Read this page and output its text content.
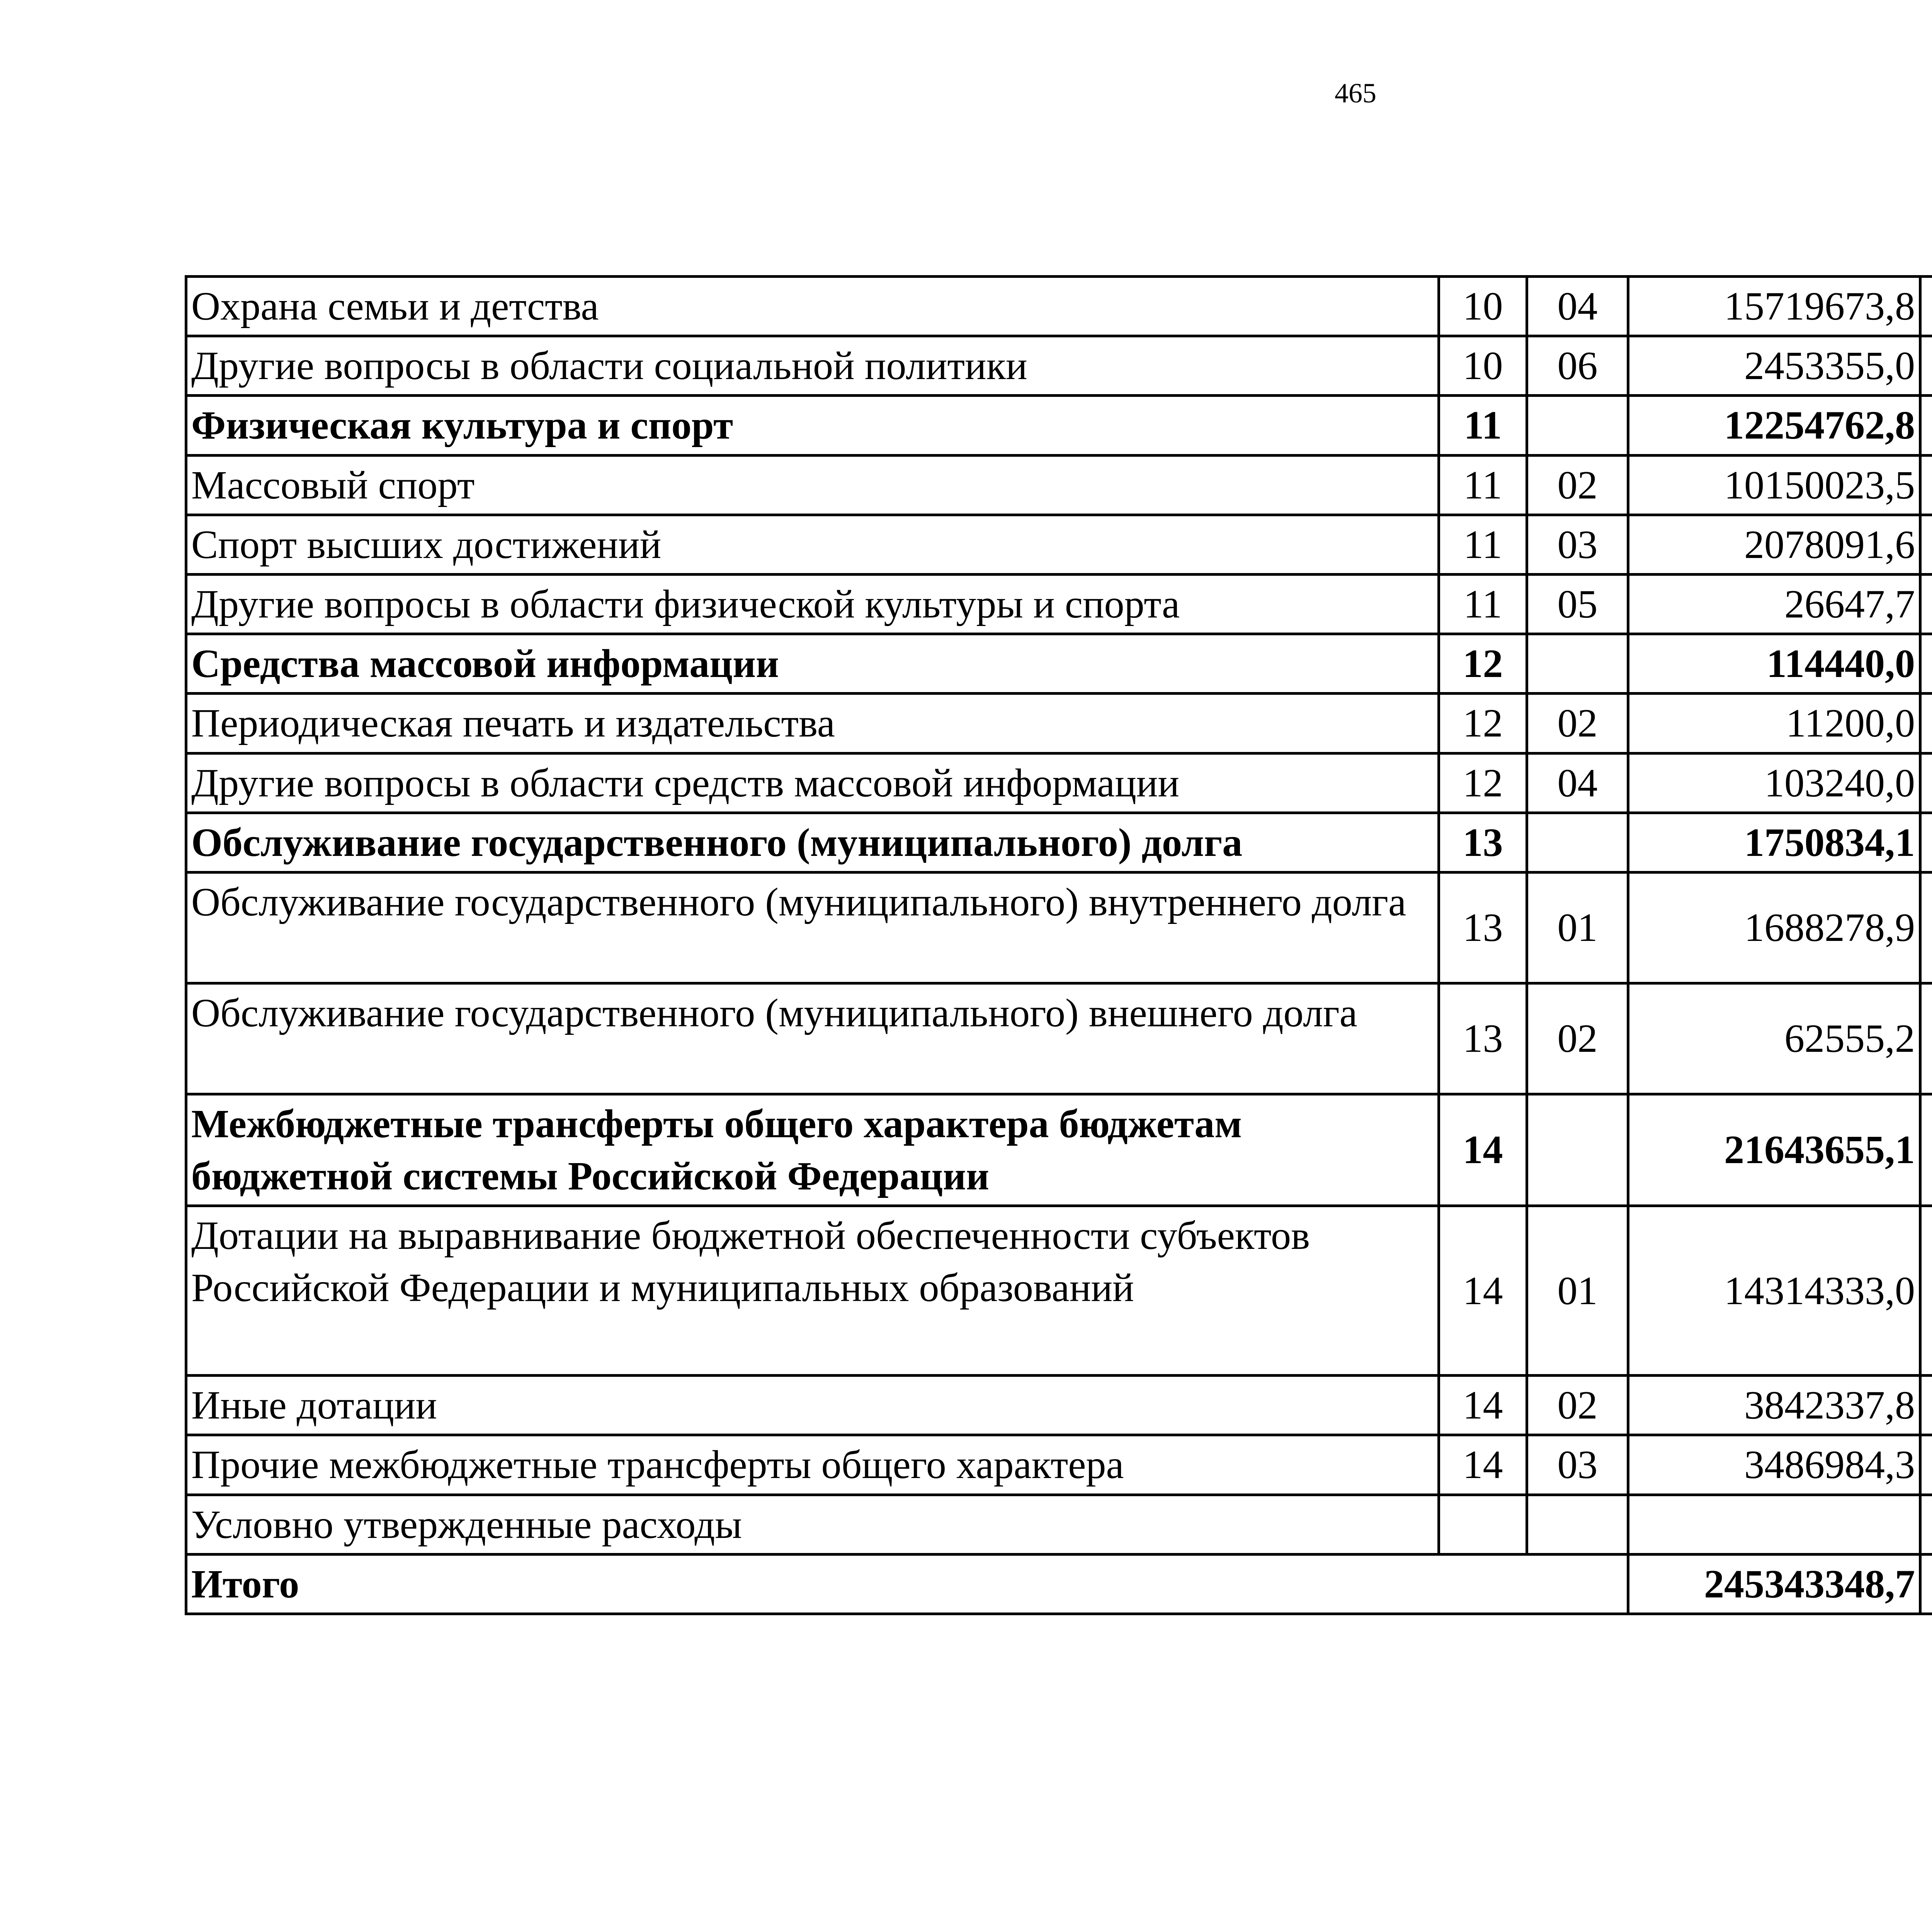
465
Охрана семьи и детства	10	04	15719673,8		
Другие вопросы в области социальной политики	10	06	2453355,0		
Физическая культура и спорт	11		12254762,8		
Массовый спорт	11	02	10150023,5		
Спорт высших достижений	11	03	2078091,6		
Другие вопросы в области физической культуры и спорта	11	05	26647,7		
Средства массовой информации	12		114440,0		
Периодическая печать и издательства	12	02	11200,0		
Другие вопросы в области средств массовой информации	12	04	103240,0		
Обслуживание государственного (муниципального) долга	13		1750834,1		
Обслуживание государственного (муниципального) внутреннего долга	13	01	1688278,9		
Обслуживание государственного (муниципального) внешнего долга	13	02	62555,2		
Межбюджетные трансферты общего характера бюджетам бюджетной системы Российской Федерации	14		21643655,1		
Дотации на выравнивание бюджетной обеспеченности субъектов Российской Федерации и муниципальных образований	14	01	14314333,0		
Иные дотации	14	02	3842337,8		
Прочие межбюджетные трансферты общего характера	14	03	3486984,3		
Условно утвержденные расходы					
Итого			245343348,7		
